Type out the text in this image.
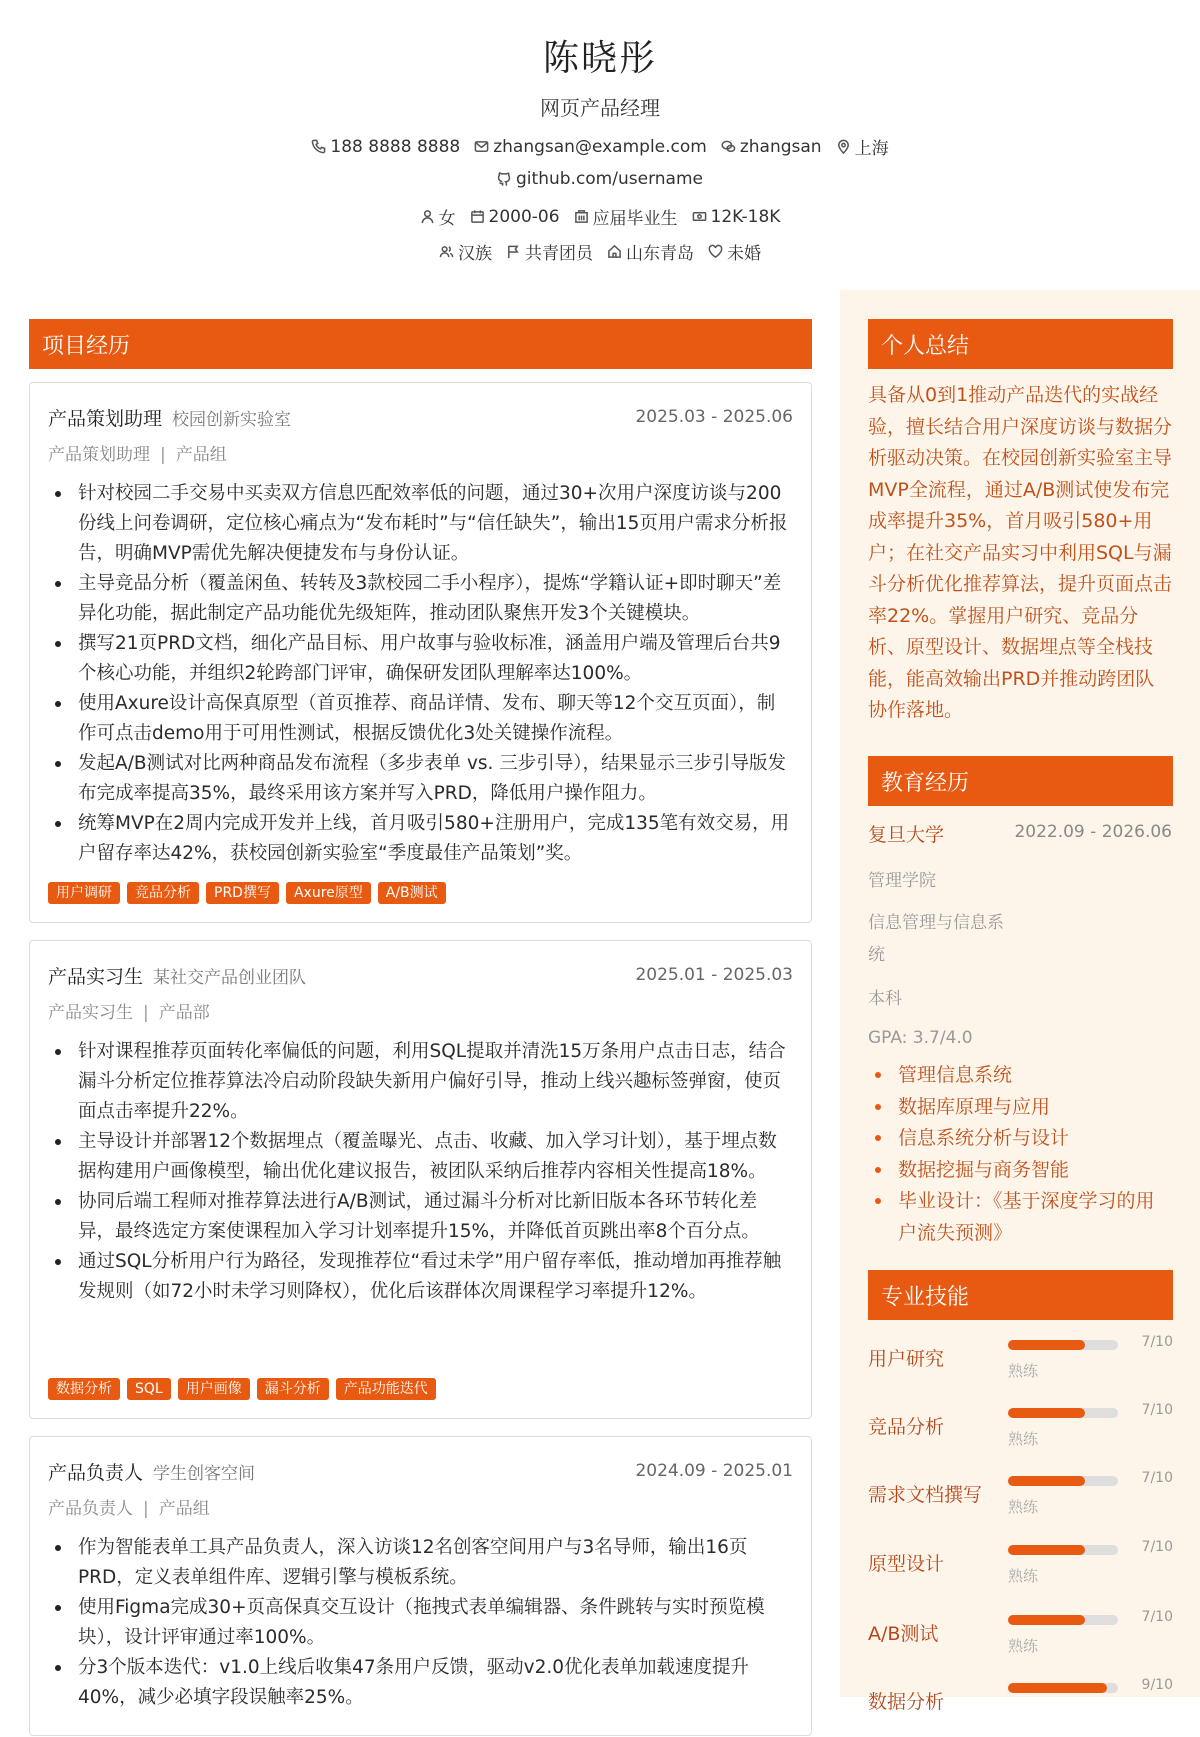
陈晓彤
网页产品经理
188 8888 8888 zhangsan@example.com zhangsan 上海
github.com/username
女 2000-06 应届毕业生 12K-18K
汉族 共青团员 山东青岛 未婚
项目经历
产品策划助理 校园创新实验室	2025.03 - 2025.06
产品策划助理 | 产品组
针对校园二手交易中买卖双方信息匹配效率低的问题，通过30+次用户深度访谈与200份线上问卷调研，定位核心痛点为“发布耗时”与“信任缺失”，输出15页用户需求分析报告，明确MVP需优先解决便捷发布与身份认证。
主导竞品分析（覆盖闲鱼、转转及3款校园二手小程序），提炼“学籍认证+即时聊天”差异化功能，据此制定产品功能优先级矩阵，推动团队聚焦开发3个关键模块。
撰写21页PRD文档，细化产品目标、用户故事与验收标准，涵盖用户端及管理后台共9个核心功能，并组织2轮跨部门评审，确保研发团队理解率达100%。
使用Axure设计高保真原型（首页推荐、商品详情、发布、聊天等12个交互页面），制作可点击demo用于可用性测试，根据反馈优化3处关键操作流程。
发起A/B测试对比两种商品发布流程（多步表单 vs. 三步引导），结果显示三步引导版发布完成率提高35%，最终采用该方案并写入PRD，降低用户操作阻力。
统筹MVP在2周内完成开发并上线，首月吸引580+注册用户，完成135笔有效交易，用户留存率达42%，获校园创新实验室“季度最佳产品策划”奖。
用户调研	竞品分析	PRD撰写	Axure原型	A/B测试
产品实习生 某社交产品创业团队	2025.01 - 2025.03
产品实习生 | 产品部
针对课程推荐页面转化率偏低的问题，利用SQL提取并清洗15万条用户点击日志，结合漏斗分析定位推荐算法冷启动阶段缺失新用户偏好引导，推动上线兴趣标签弹窗，使页面点击率提升22%。
主导设计并部署12个数据埋点（覆盖曝光、点击、收藏、加入学习计划），基于埋点数据构建用户画像模型，输出优化建议报告，被团队采纳后推荐内容相关性提高18%。
协同后端工程师对推荐算法进行A/B测试，通过漏斗分析对比新旧版本各环节转化差异，最终选定方案使课程加入学习计划率提升15%，并降低首页跳出率8个百分点。
通过SQL分析用户行为路径，发现推荐位“看过未学”用户留存率低，推动增加再推荐触发规则（如72小时未学习则降权），优化后该群体次周课程学习率提升12%。
数据分析	SQL	用户画像	漏斗分析	产品功能迭代
产品负责人 学生创客空间	2024.09 - 2025.01
产品负责人 | 产品组
作为智能表单工具产品负责人，深入访谈12名创客空间用户与3名导师，输出16页PRD，定义表单组件库、逻辑引擎与模板系统。
使用Figma完成30+页高保真交互设计（拖拽式表单编辑器、条件跳转与实时预览模块），设计评审通过率100%。
分3个版本迭代：v1.0上线后收集47条用户反馈，驱动v2.0优化表单加载速度提升40%，减少必填字段误触率25%。
个人总结
具备从0到1推动产品迭代的实战经验，擅长结合用户深度访谈与数据分析驱动决策。在校园创新实验室主导MVP全流程，通过A/B测试使发布完成率提升35%，首月吸引580+用户；在社交产品实习中利用SQL与漏斗分析优化推荐算法，提升页面点击率22%。掌握用户研究、竞品分析、原型设计、数据埋点等全栈技能，能高效输出PRD并推动跨团队协作落地。
教育经历
复旦大学	2022.09 - 2026.06
管理学院
信息管理与信息系
统
本科
GPA: 3.7/4.0
管理信息系统
数据库原理与应用
信息系统分析与设计
数据挖掘与商务智能
毕业设计：《基于深度学习的用户流失预测》
专业技能
用户研究
7/10
熟练
竞品分析
7/10
熟练
需求文档撰写
7/10
熟练
原型设计
7/10
熟练
A/B测试
7/10
熟练
数据分析
9/10
